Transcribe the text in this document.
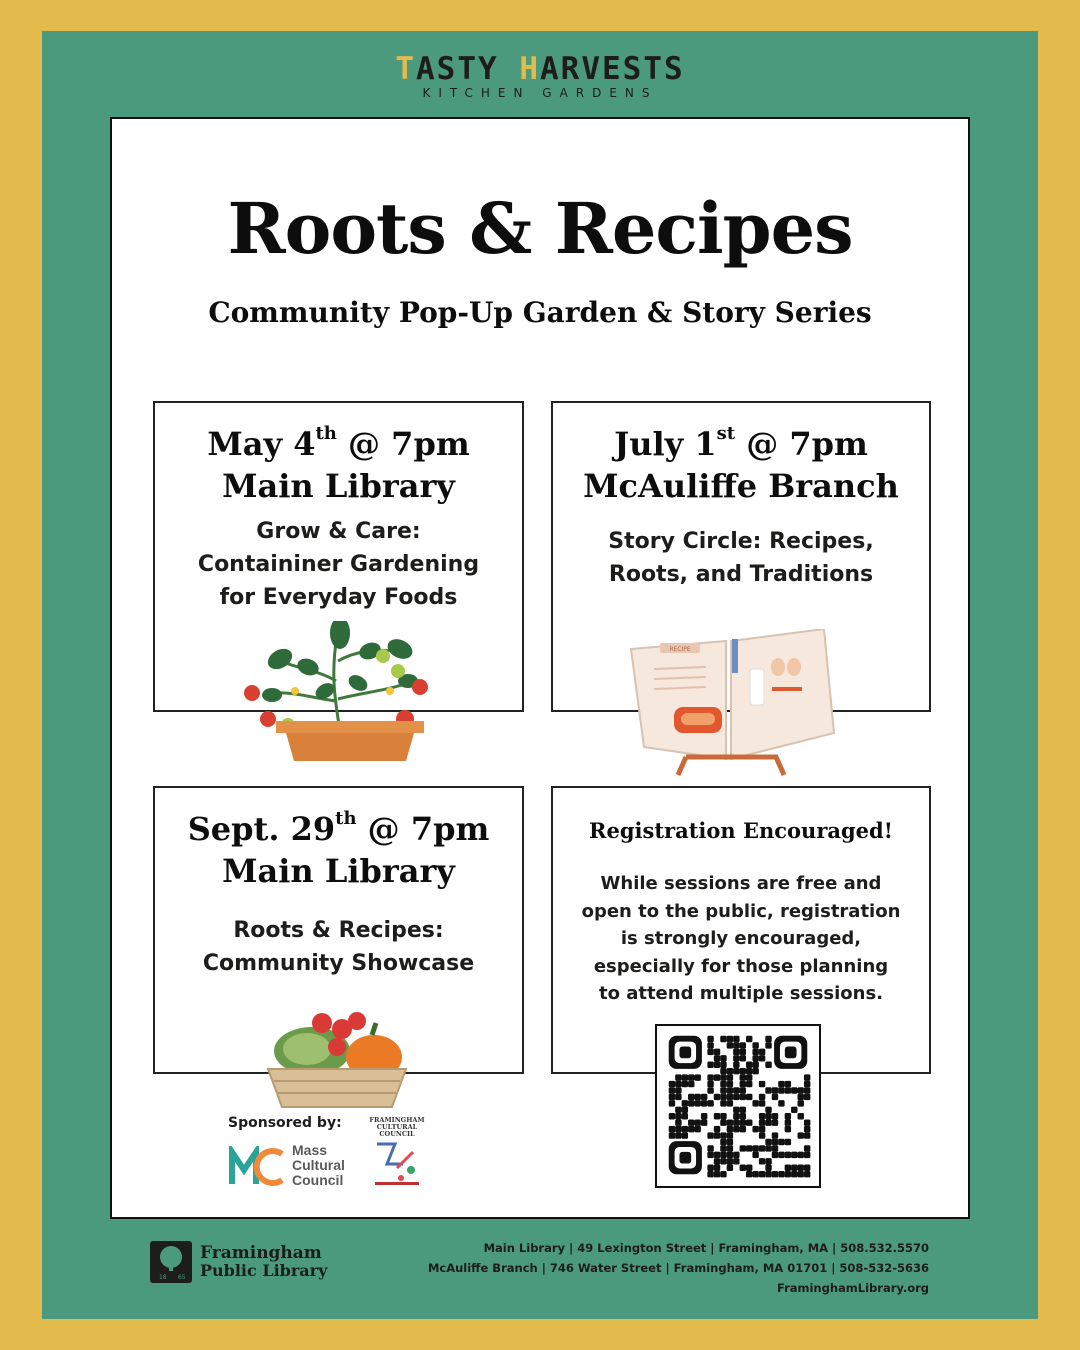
TASTY HARVESTS
KITCHEN GARDENS
Roots & Recipes
Community Pop-Up Garden & Story Series
May 4th @ 7pm
Main Library
Grow & Care:
Containiner Gardening
for Everyday Foods
July 1st @ 7pm
McAuliffe Branch
Story Circle: Recipes,
Roots, and Traditions
Sept. 29th @ 7pm
Main Library
Roots & Recipes:
Community Showcase
Registration Encouraged!
While sessions are free and
open to the public, registration
is strongly encouraged,
especially for those planning
to attend multiple sessions.
RECIPE
Sponsored by:
Mass
Cultural
Council
FRAMINGHAM
CULTURAL
COUNCIL
18 65
Framingham
Public Library
Main Library | 49 Lexington Street | Framingham, MA | 508.532.5570
McAuliffe Branch | 746 Water Street | Framingham, MA 01701 | 508-532-5636
FraminghamLibrary.org
